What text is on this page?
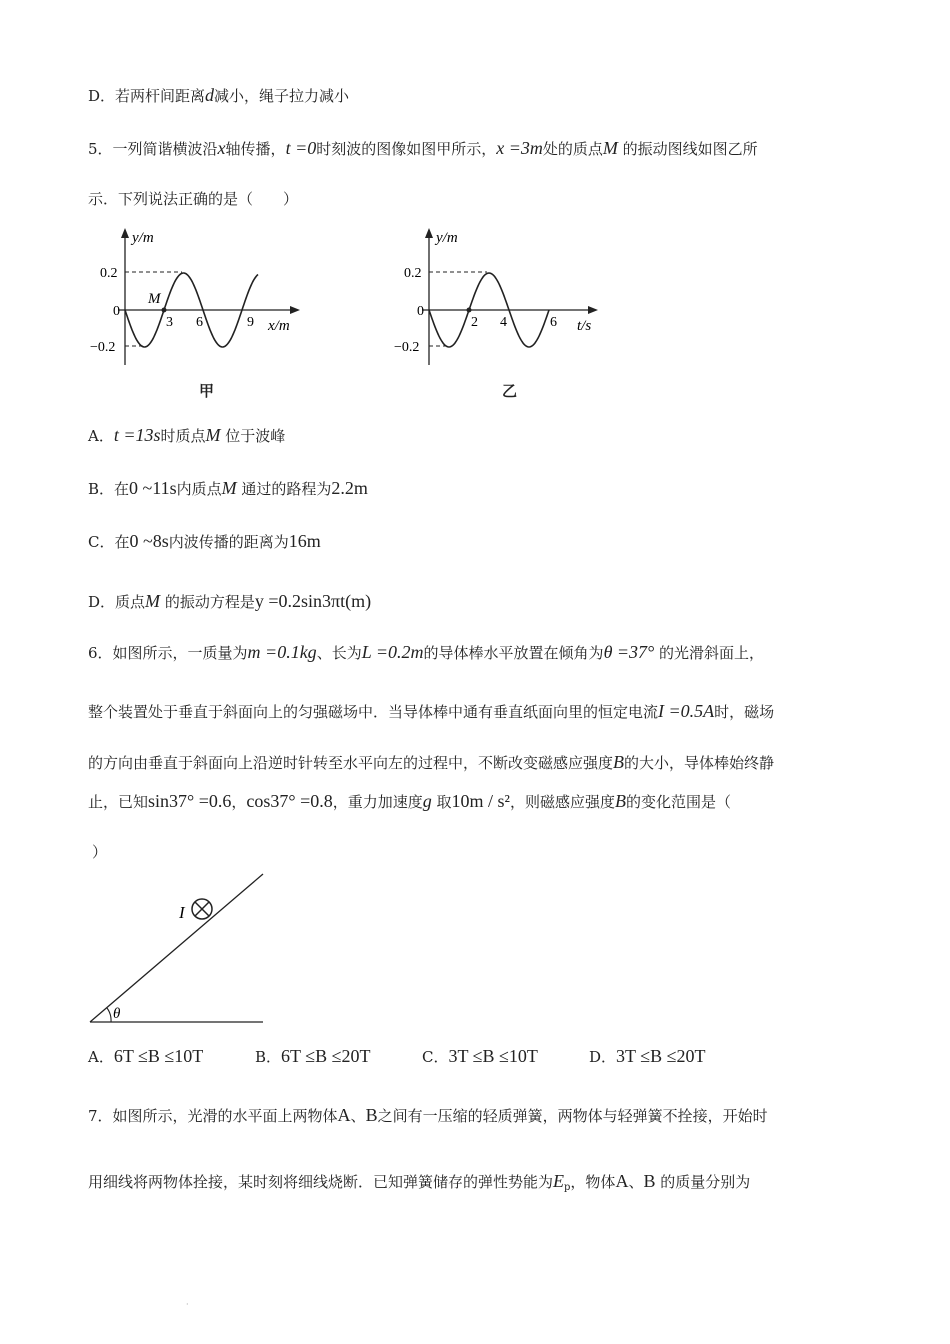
D．若两杆间距离d减小，绳子拉力减小
5．一列简谐横波沿x轴传播，t =0时刻波的图像如图甲所示，x =3m处的质点M 的振动图线如图乙所
示．下列说法正确的是（　　）
y/m
x/m
0.2
0
−0.2
M
3 6	9
甲
y/m
t/s
0.2
0
−0.2
2 4	6
乙
A．t =13s时质点M 位于波峰
B．在0 ~11s内质点M 通过的路程为2.2m
C．在0 ~8s内波传播的距离为16m
D．质点M 的振动方程是y =0.2sin3πt(m)
6．如图所示，一质量为m =0.1kg、长为L =0.2m的导体棒水平放置在倾角为θ =37° 的光滑斜面上，
整个装置处于垂直于斜面向上的匀强磁场中．当导体棒中通有垂直纸面向里的恒定电流I =0.5A时，磁场
的方向由垂直于斜面向上沿逆时针转至水平向左的过程中，不断改变磁感应强度B的大小，导体棒始终静
止，已知sin37° =0.6，cos37° =0.8，重力加速度g 取10m / s²，则磁感应强度B的变化范围是（
）
θ
I
A．6T ≤B ≤10T	B．6T ≤B ≤20T	C．3T ≤B ≤10T	D．3T ≤B ≤20T
7．如图所示，光滑的水平面上两物体A、B之间有一压缩的轻质弹簧，两物体与轻弹簧不拴接，开始时
用细线将两物体拴接，某时刻将细线烧断．已知弹簧储存的弹性势能为$E_p$，物体A、B 的质量分别为
·
